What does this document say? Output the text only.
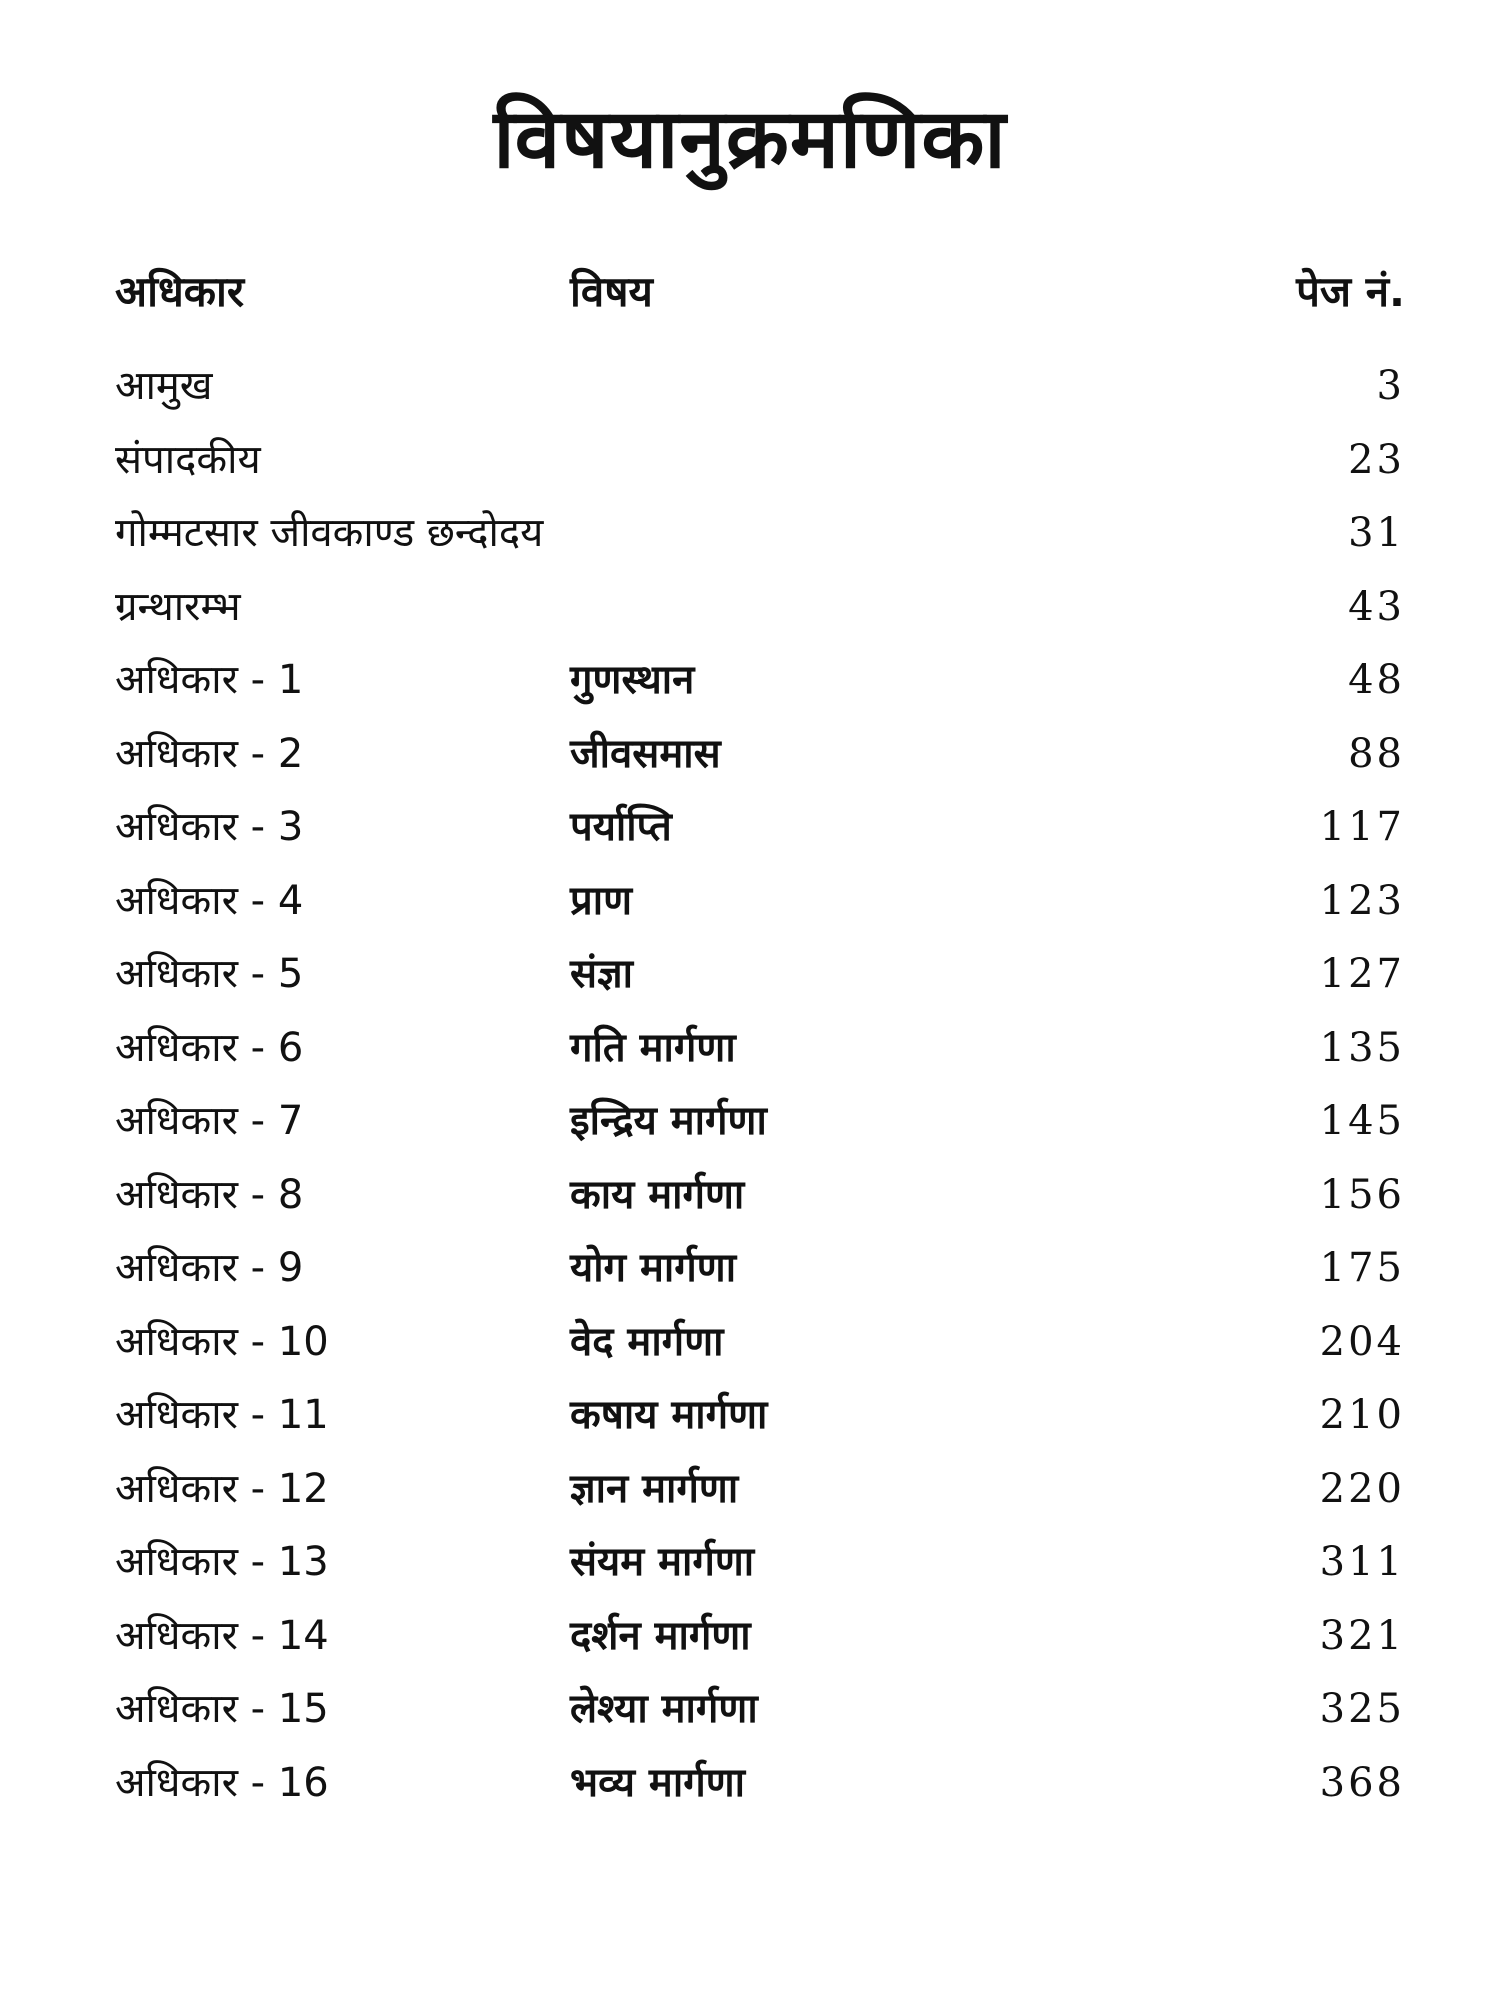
विषयानुक्रमणिका
अधिकार	विषय	पेज नं.
आमुख	3
संपादकीय	23
गोम्मटसार जीवकाण्ड छन्दोदय	31
ग्रन्थारम्भ	43
अधिकार - 1	गुणस्थान	48
अधिकार - 2	जीवसमास	88
अधिकार - 3	पर्याप्ति	117
अधिकार - 4	प्राण	123
अधिकार - 5	संज्ञा	127
अधिकार - 6	गति मार्गणा	135
अधिकार - 7	इन्द्रिय मार्गणा	145
अधिकार - 8	काय मार्गणा	156
अधिकार - 9	योग मार्गणा	175
अधिकार - 10	वेद मार्गणा	204
अधिकार - 11	कषाय मार्गणा	210
अधिकार - 12	ज्ञान मार्गणा	220
अधिकार - 13	संयम मार्गणा	311
अधिकार - 14	दर्शन मार्गणा	321
अधिकार - 15	लेश्या मार्गणा	325
अधिकार - 16	भव्य मार्गणा	368
